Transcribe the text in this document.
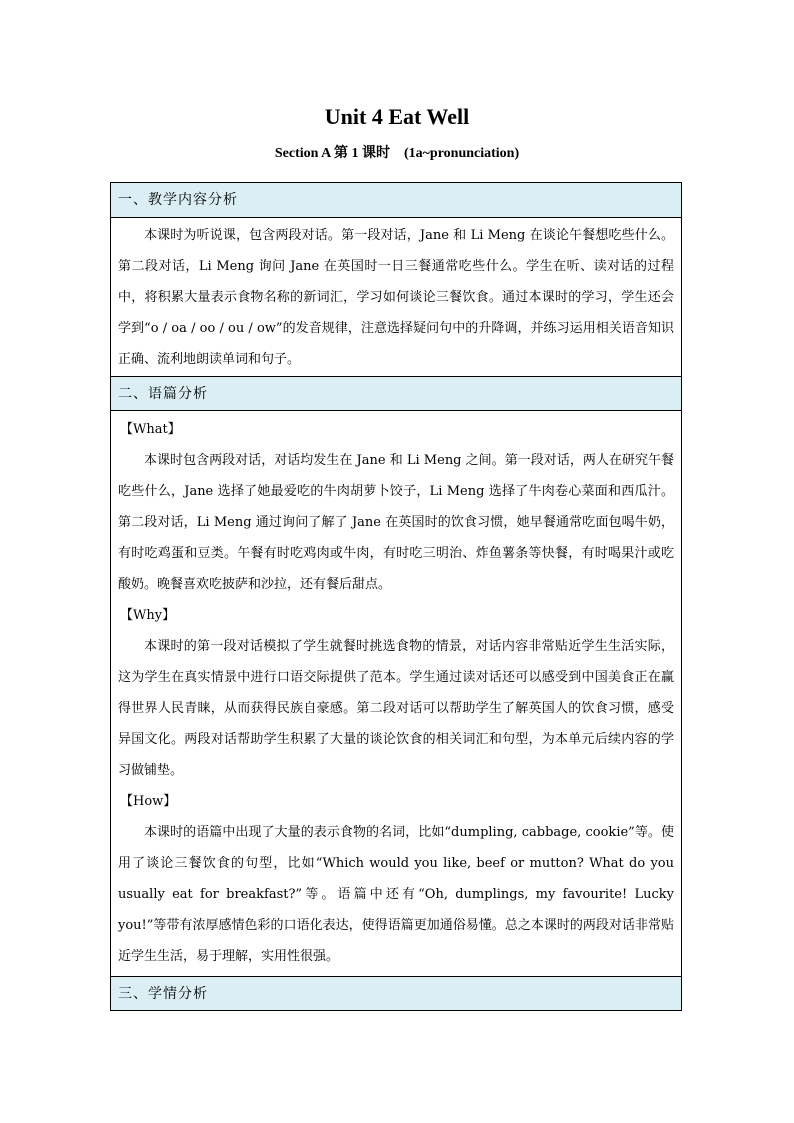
Unit 4 Eat Well
Section A 第 1 课时　(1a~pronunciation)
一、教学内容分析

本课时为听说课，包含两段对话。第一段对话，Jane 和 Li Meng 在谈论午餐想吃些什么。第二段对话，Li Meng 询问 Jane 在英国时一日三餐通常吃些什么。学生在听、读对话的过程中，将积累大量表示食物名称的新词汇，学习如何谈论三餐饮食。通过本课时的学习，学生还会学到“o / oa / oo / ou / ow”的发音规律，注意选择疑问句中的升降调，并练习运用相关语音知识正确、流利地朗读单词和句子。

二、语篇分析

【What】

本课时包含两段对话，对话均发生在 Jane 和 Li Meng 之间。第一段对话，两人在研究午餐吃些什么，Jane 选择了她最爱吃的牛肉胡萝卜饺子，Li Meng 选择了牛肉卷心菜面和西瓜汁。第二段对话，Li Meng 通过询问了解了 Jane 在英国时的饮食习惯，她早餐通常吃面包喝牛奶，有时吃鸡蛋和豆类。午餐有时吃鸡肉或牛肉，有时吃三明治、炸鱼薯条等快餐，有时喝果汁或吃酸奶。晚餐喜欢吃披萨和沙拉，还有餐后甜点。

【Why】

本课时的第一段对话模拟了学生就餐时挑选食物的情景，对话内容非常贴近学生生活实际，这为学生在真实情景中进行口语交际提供了范本。学生通过读对话还可以感受到中国美食正在赢得世界人民青睐，从而获得民族自豪感。第二段对话可以帮助学生了解英国人的饮食习惯，感受异国文化。两段对话帮助学生积累了大量的谈论饮食的相关词汇和句型，为本单元后续内容的学习做铺垫。

【How】

本课时的语篇中出现了大量的表示食物的名词，比如“dumpling, cabbage, cookie”等。使用了谈论三餐饮食的句型，比如“Which would you like, beef or mutton? What do you usually eat for breakfast?”等。语篇中还有“Oh, dumplings, my favourite! Lucky you!”等带有浓厚感情色彩的口语化表达，使得语篇更加通俗易懂。总之本课时的两段对话非常贴近学生生活，易于理解，实用性很强。

三、学情分析
